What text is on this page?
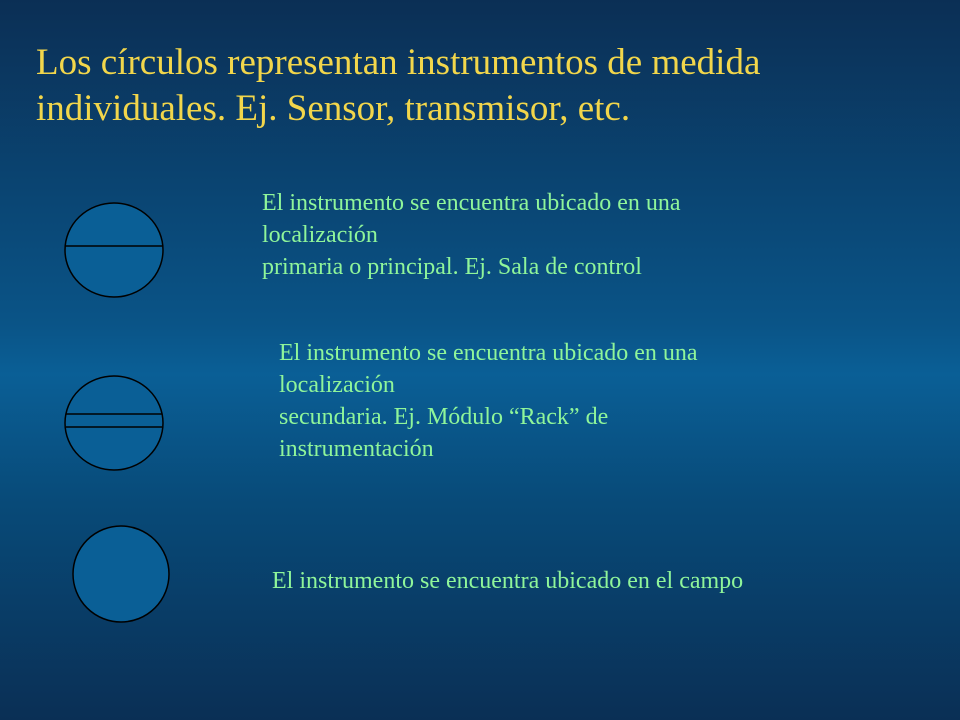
Los círculos representan instrumentos de medida
individuales. Ej. Sensor, transmisor, etc.

El instrumento se encuentra ubicado en una
localización
primaria o principal. Ej. Sala de control

El instrumento se encuentra ubicado en una
localización
secundaria. Ej. Módulo “Rack” de
instrumentación

El instrumento se encuentra ubicado en el campo
